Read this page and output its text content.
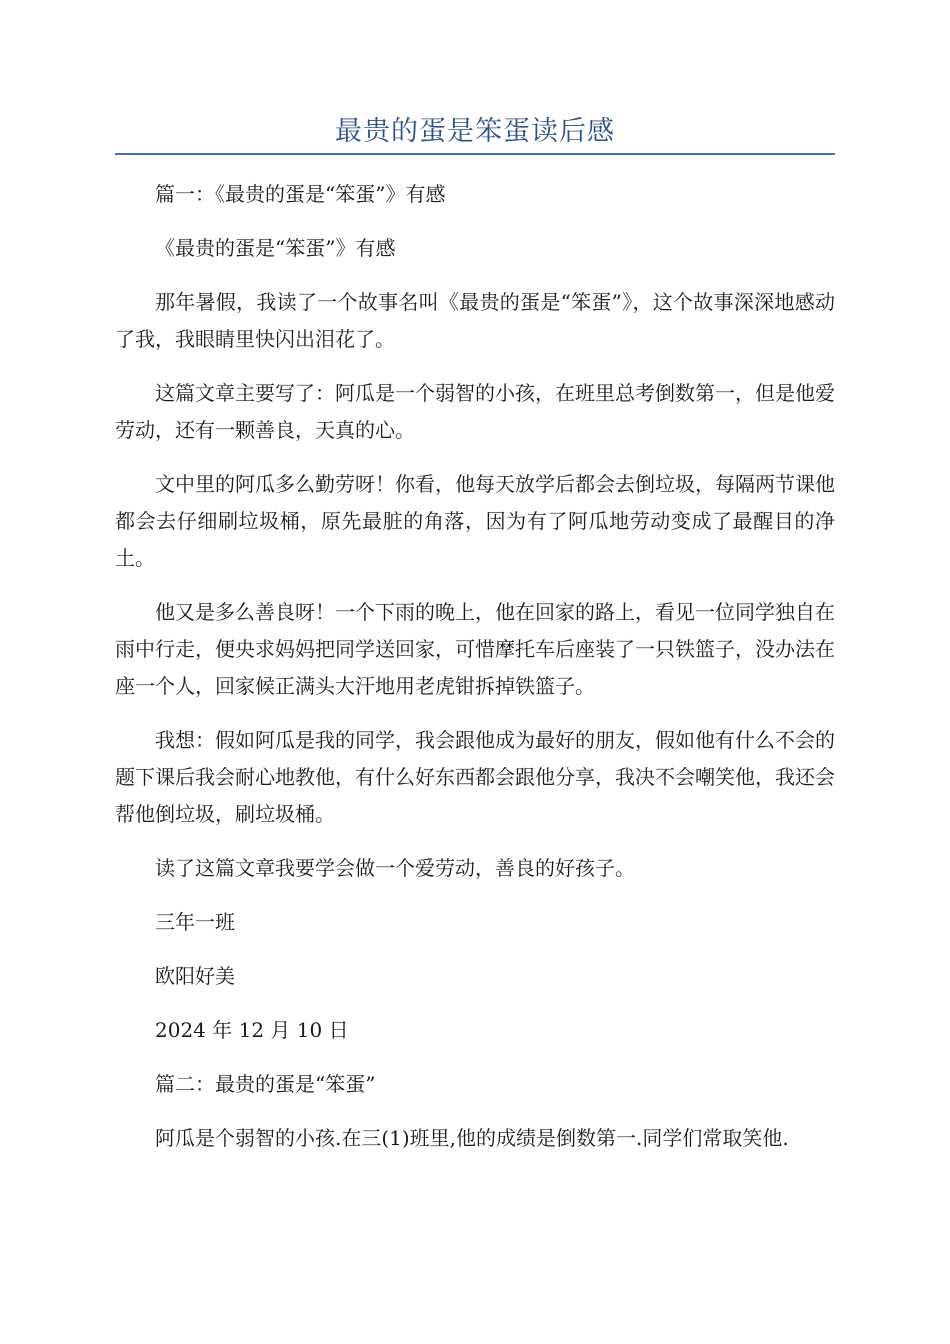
最贵的蛋是笨蛋读后感

篇一：《最贵的蛋是“笨蛋”》有感

《最贵的蛋是“笨蛋”》有感

那年暑假，我读了一个故事名叫《最贵的蛋是“笨蛋”》，这个故事深深地感动了我，我眼睛里快闪出泪花了。

这篇文章主要写了：阿瓜是一个弱智的小孩，在班里总考倒数第一，但是他爱劳动，还有一颗善良，天真的心。

文中里的阿瓜多么勤劳呀！你看，他每天放学后都会去倒垃圾，每隔两节课他都会去仔细刷垃圾桶，原先最脏的角落，因为有了阿瓜地劳动变成了最醒目的净土。

他又是多么善良呀！一个下雨的晚上，他在回家的路上，看见一位同学独自在雨中行走，便央求妈妈把同学送回家，可惜摩托车后座装了一只铁篮子，没办法在座一个人，回家候正满头大汗地用老虎钳拆掉铁篮子。

我想：假如阿瓜是我的同学，我会跟他成为最好的朋友，假如他有什么不会的题下课后我会耐心地教他，有什么好东西都会跟他分享，我决不会嘲笑他，我还会帮他倒垃圾，刷垃圾桶。

读了这篇文章我要学会做一个爱劳动，善良的好孩子。

三年一班

欧阳好美

2024 年 12 月 10 日

篇二：最贵的蛋是“笨蛋”

阿瓜是个弱智的小孩.在三(1)班里,他的成绩是倒数第一.同学们常取笑他.
